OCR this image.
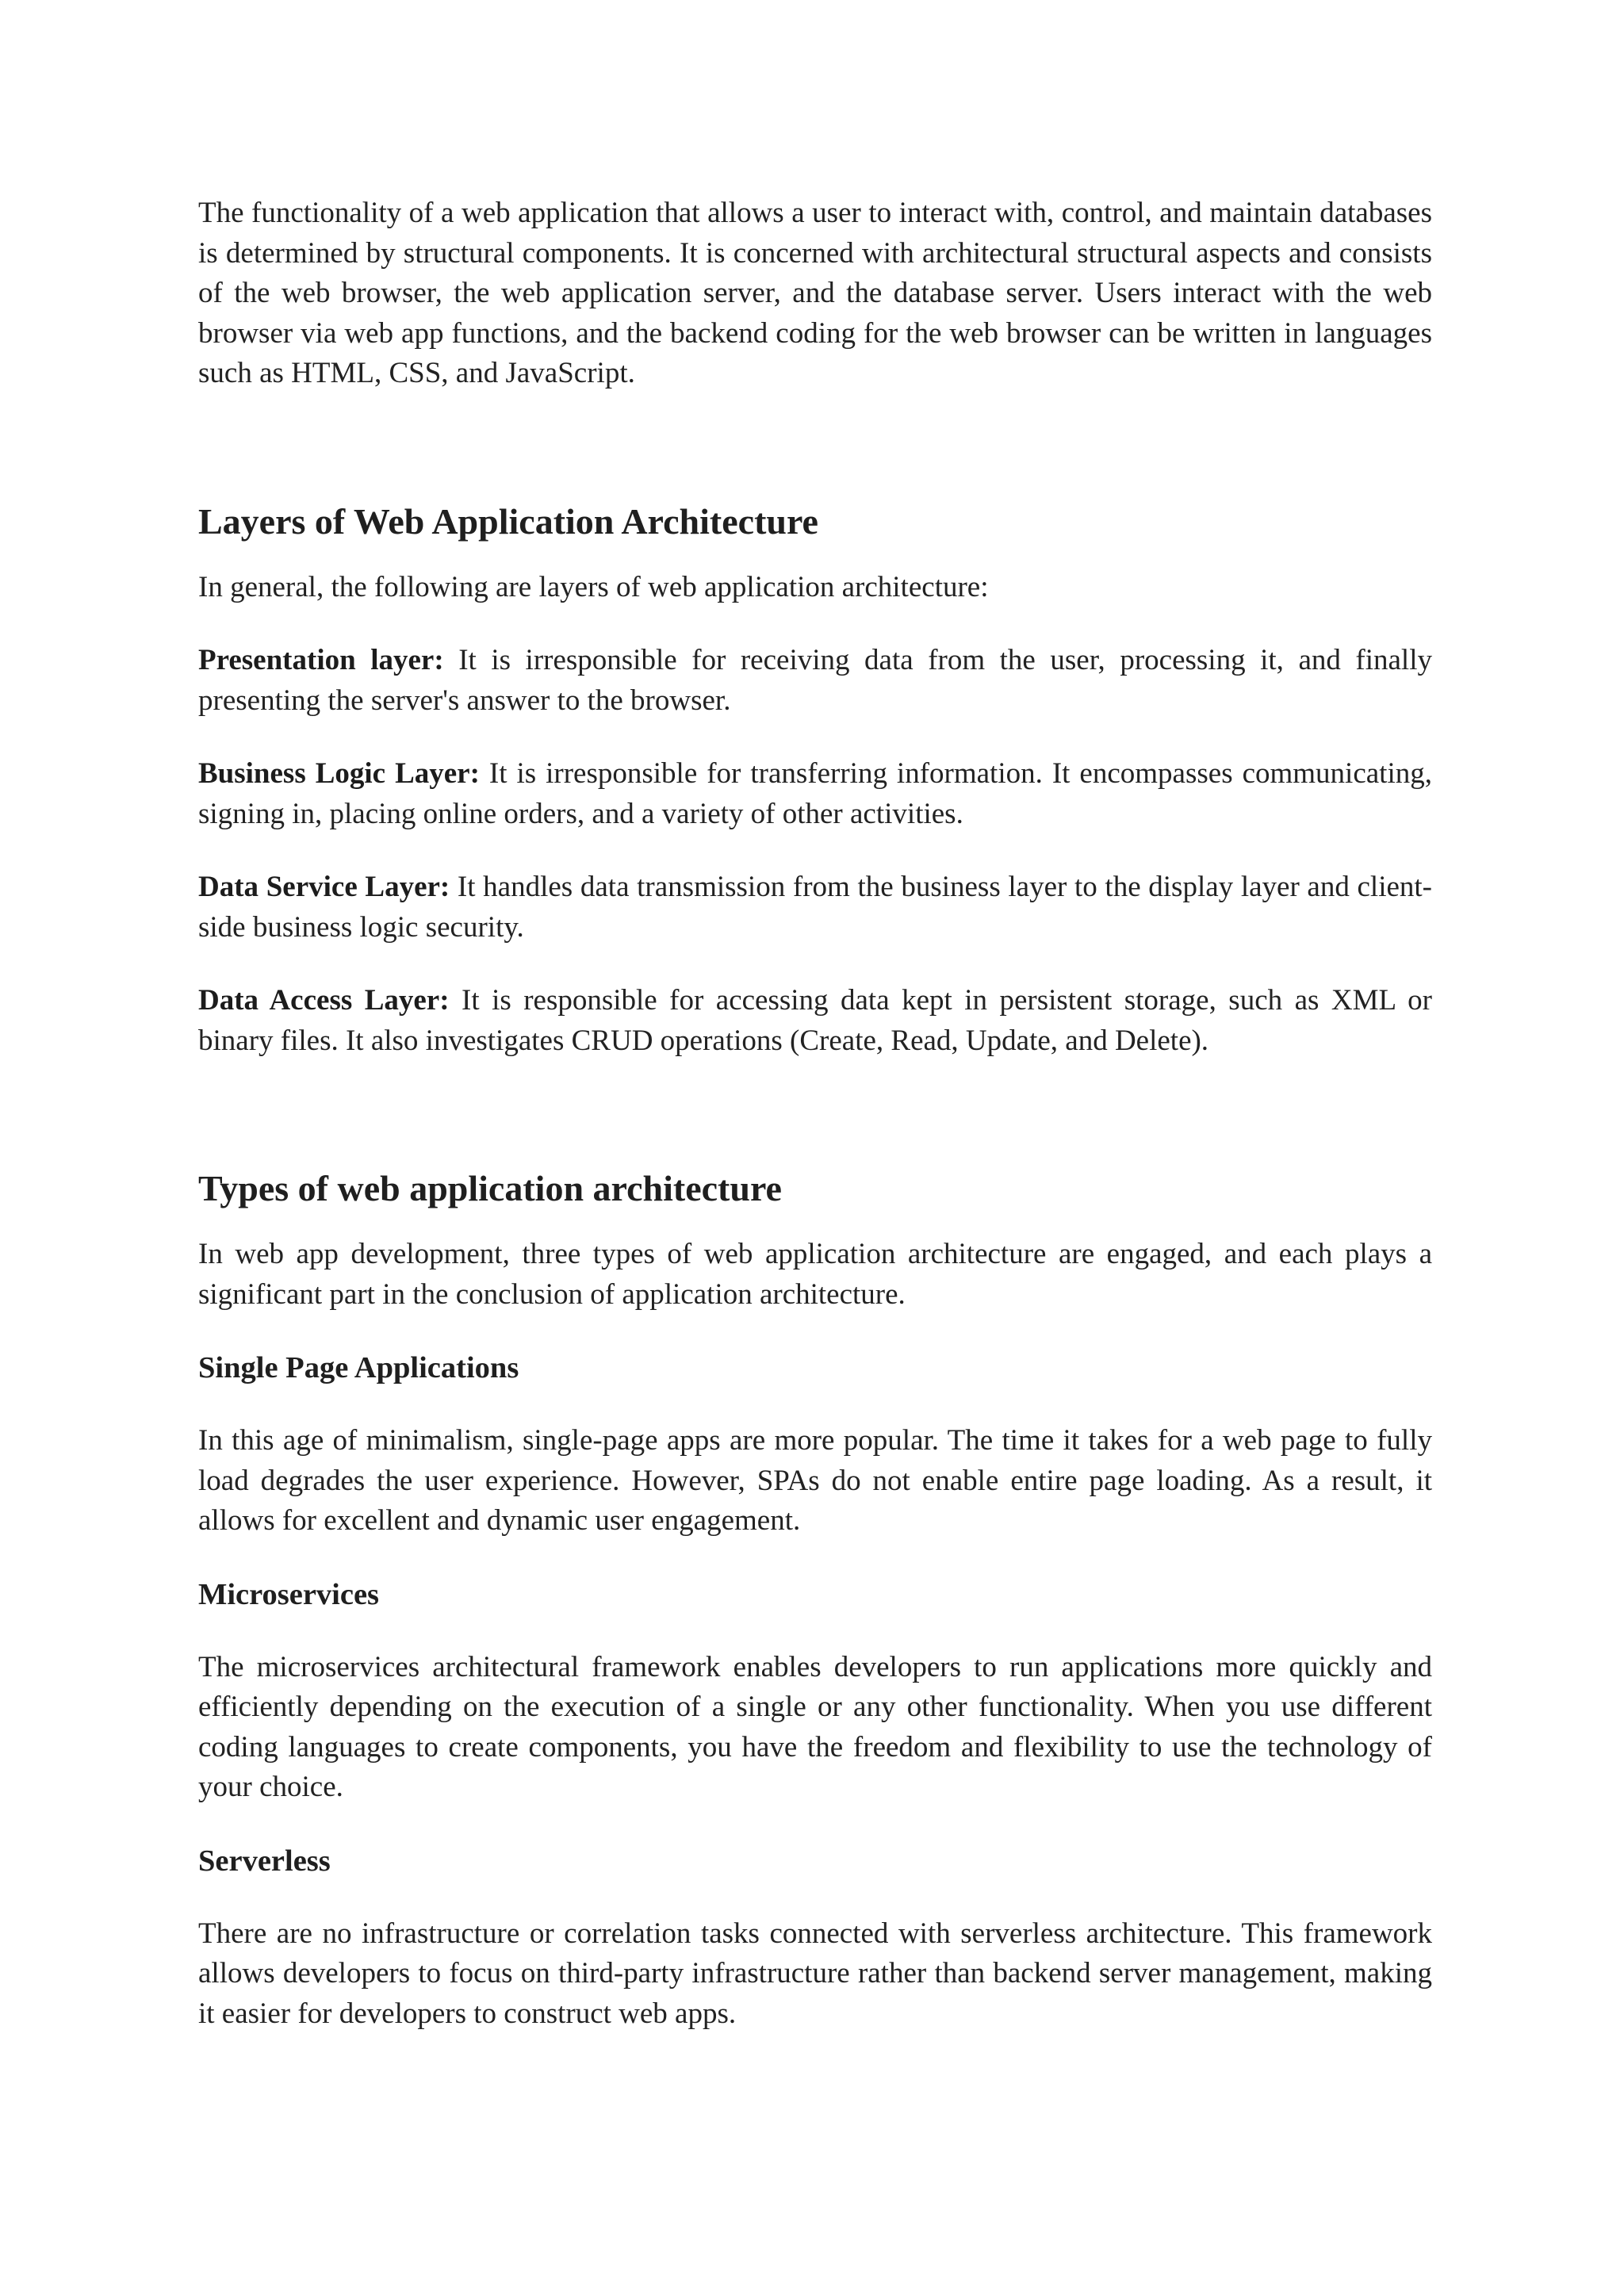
The functionality of a web application that allows a user to interact with, control, and maintain databases is determined by structural components. It is concerned with architectural structural aspects and consists of the web browser, the web application server, and the database server. Users interact with the web browser via web app functions, and the backend coding for the web browser can be written in languages such as HTML, CSS, and JavaScript.

Layers of Web Application Architecture

In general, the following are layers of web application architecture:

Presentation layer: It is irresponsible for receiving data from the user, processing it, and finally presenting the server's answer to the browser.

Business Logic Layer: It is irresponsible for transferring information. It encompasses communicating, signing in, placing online orders, and a variety of other activities.

Data Service Layer: It handles data transmission from the business layer to the display layer and client-side business logic security.

Data Access Layer: It is responsible for accessing data kept in persistent storage, such as XML or binary files. It also investigates CRUD operations (Create, Read, Update, and Delete).

Types of web application architecture

In web app development, three types of web application architecture are engaged, and each plays a significant part in the conclusion of application architecture.

Single Page Applications

In this age of minimalism, single-page apps are more popular. The time it takes for a web page to fully load degrades the user experience. However, SPAs do not enable entire page loading. As a result, it allows for excellent and dynamic user engagement.

Microservices

The microservices architectural framework enables developers to run applications more quickly and efficiently depending on the execution of a single or any other functionality. When you use different coding languages to create components, you have the freedom and flexibility to use the technology of your choice.

Serverless

There are no infrastructure or correlation tasks connected with serverless architecture. This framework allows developers to focus on third-party infrastructure rather than backend server management, making it easier for developers to construct web apps.
